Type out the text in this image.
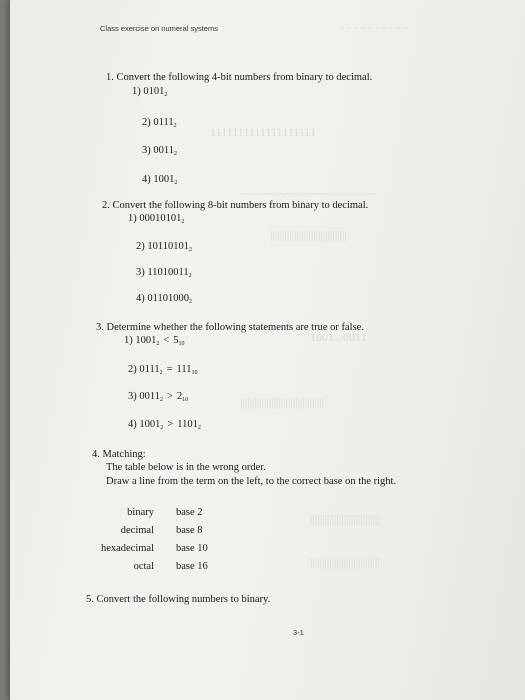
- - - - - - - - - -
1111111111111111111
~~~~~~~~~~~~~~~~~~~~~
||||||||||||||||||||||||||||||||
1001 . 0011
|||||||||||||||||||||||||||||||||||
|||||||||||||||||||||||||||||
|||||||||||||||||||||||||||||
Class exercise on numeral systems
1. Convert the following 4-bit numbers from binary to decimal.
1) $0101_2$
2) $0111_2$
3) $0011_2$
4) $1001_2$
2. Convert the following 8-bit numbers from binary to decimal.
1) $00010101_2$
2) $10110101_2$
3) $11010011_2$
4) $01101000_2$
3. Determine whether the following statements are true or false.
1) $1001_2 < 5_{10}$
2) $0111_2 = 111_{10}$
3) $0011_2 > 2_{10}$
4) $1001_2 > 1101_2$
4. Matching:
The table below is in the wrong order.
Draw a line from the term on the left, to the correct base on the right.
binary
decimal
hexadecimal
octal
base 2
base 8
base 10
base 16
5. Convert the following numbers to binary.
3-1
